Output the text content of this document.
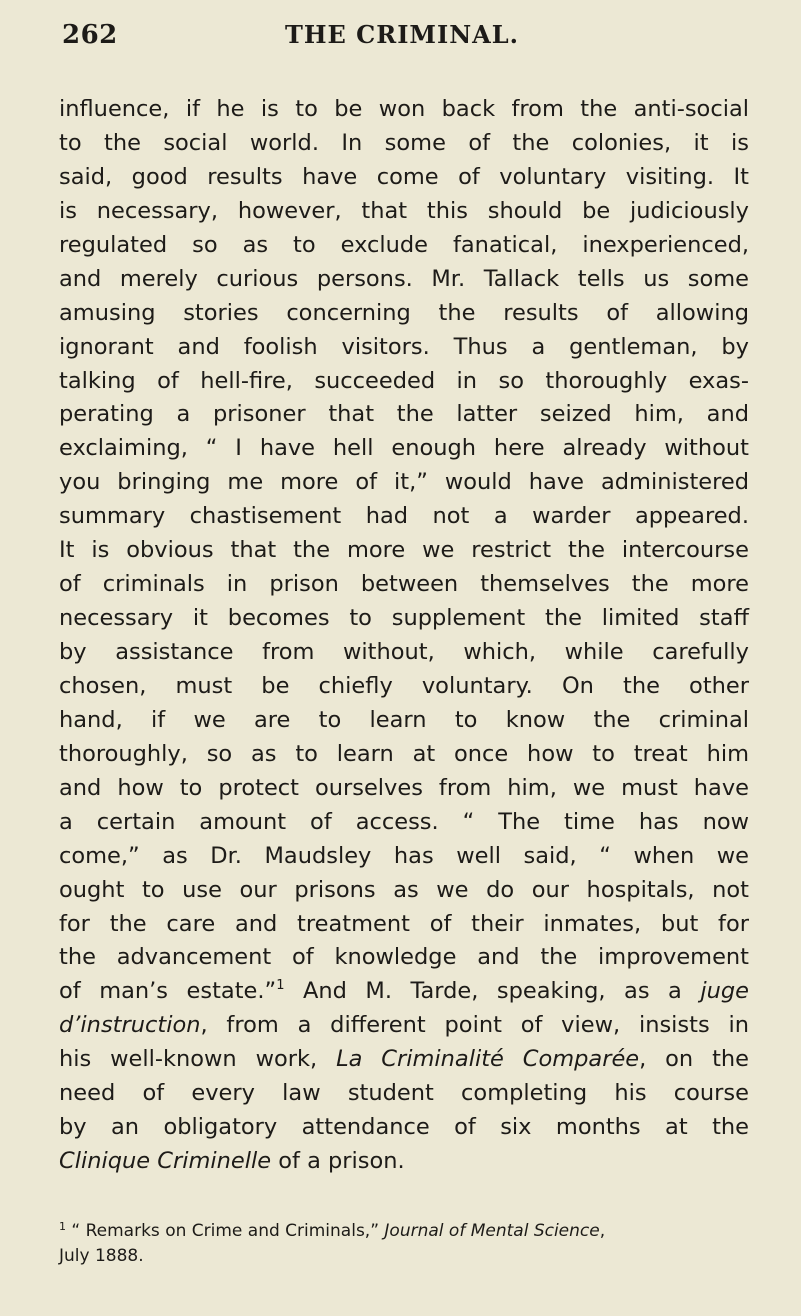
262	THE CRIMINAL.
influence, if he is to be won back from the anti-social
to the social world. In some of the colonies, it is
said, good results have come of voluntary visiting. It
is necessary, however, that this should be judiciously
regulated so as to exclude fanatical, inexperienced,
and merely curious persons. Mr. Tallack tells us some
amusing stories concerning the results of allowing
ignorant and foolish visitors. Thus a gentleman, by
talking of hell-fire, succeeded in so thoroughly exas-
perating a prisoner that the latter seized him, and
exclaiming, “ I have hell enough here already without
you bringing me more of it,” would have administered
summary chastisement had not a warder appeared.
It is obvious that the more we restrict the intercourse
of criminals in prison between themselves the more
necessary it becomes to supplement the limited staff
by assistance from without, which, while carefully
chosen, must be chiefly voluntary. On the other
hand, if we are to learn to know the criminal
thoroughly, so as to learn at once how to treat him
and how to protect ourselves from him, we must have
a certain amount of access. “ The time has now
come,” as Dr. Maudsley has well said, “ when we
ought to use our prisons as we do our hospitals, not
for the care and treatment of their inmates, but for
the advancement of knowledge and the improvement
of man’s estate.”$^1$ And M. Tarde, speaking, as a juge
d’instruction, from a different point of view, insists in
his well-known work, La Criminalité Comparée, on the
need of every law student completing his course
by an obligatory attendance of six months at the
Clinique Criminelle of a prison.
$^1$ “ Remarks on Crime and Criminals,” Journal of Mental Science,
July 1888.
